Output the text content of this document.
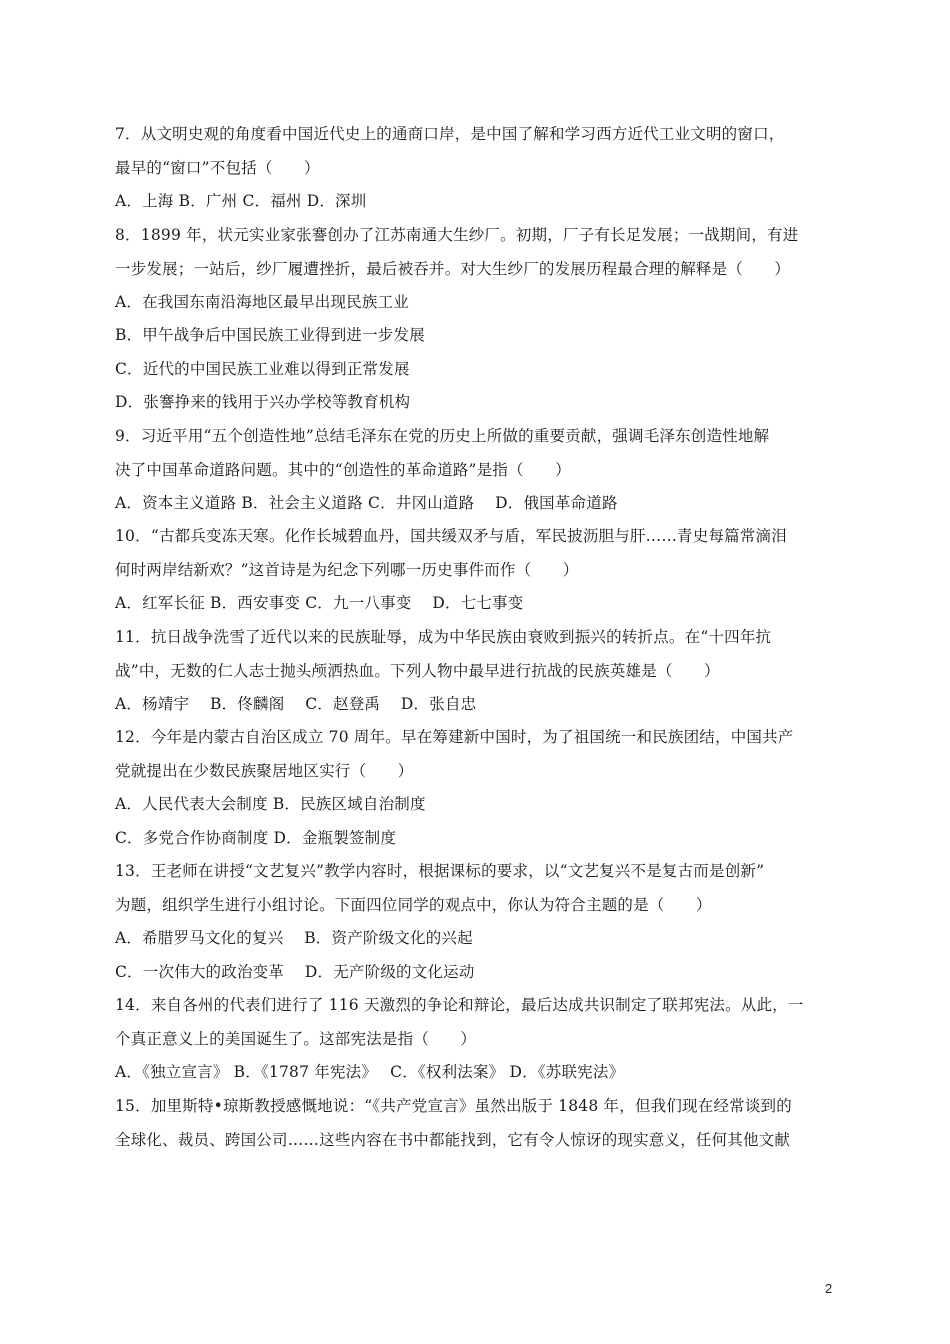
7．从文明史观的角度看中国近代史上的通商口岸，是中国了解和学习西方近代工业文明的窗口，
最早的“窗口”不包括（　　）
A．上海 B．广州 C．福州 D．深圳
8．1899 年，状元实业家张謇创办了江苏南通大生纱厂。初期，厂子有长足发展；一战期间，有进
一步发展；一站后，纱厂履遭挫折，最后被吞并。对大生纱厂的发展历程最合理的解释是（　　）
A．在我国东南沿海地区最早出现民族工业
B．甲午战争后中国民族工业得到进一步发展
C．近代的中国民族工业难以得到正常发展
D．张謇挣来的钱用于兴办学校等教育机构
9．习近平用“五个创造性地”总结毛泽东在党的历史上所做的重要贡献，强调毛泽东创造性地解
决了中国革命道路问题。其中的“创造性的革命道路”是指（　　）
A．资本主义道路 B．社会主义道路 C．井冈山道路　 D．俄国革命道路
10．“古都兵变冻天寒。化作长城碧血丹，国共缓双矛与盾，军民披沥胆与肝……青史每篇常滴泪
何时两岸结新欢？”这首诗是为纪念下列哪一历史事件而作（　　）
A．红军长征 B．西安事变 C．九一八事变　 D．七七事变
11．抗日战争洗雪了近代以来的民族耻辱，成为中华民族由衰败到振兴的转折点。在“十四年抗
战”中，无数的仁人志士抛头颅洒热血。下列人物中最早进行抗战的民族英雄是（　　）
A．杨靖宇　 B．佟麟阁　 C．赵登禹　 D．张自忠
12．今年是内蒙古自治区成立 70 周年。早在筹建新中国时，为了祖国统一和民族团结，中国共产
党就提出在少数民族聚居地区实行（　　）
A．人民代表大会制度 B．民族区域自治制度
C．多党合作协商制度 D．金瓶製签制度
13．王老师在讲授“文艺复兴”教学内容时，根据课标的要求，以“文艺复兴不是复古而是创新”
为题，组织学生进行小组讨论。下面四位同学的观点中，你认为符合主题的是（　　）
A．希腊罗马文化的复兴　 B．资产阶级文化的兴起
C．一次伟大的政治变革　 D．无产阶级的文化运动
14．来自各州的代表们进行了 116 天激烈的争论和辩论，最后达成共识制定了联邦宪法。从此，一
个真正意义上的美国诞生了。这部宪法是指（　　）
A．《独立宣言》 B．《1787 年宪法》　 C．《权利法案》 D．《苏联宪法》
15．加里斯特•琼斯教授感慨地说：“《共产党宣言》虽然出版于 1848 年，但我们现在经常谈到的
全球化、裁员、跨国公司……这些内容在书中都能找到，它有令人惊讶的现实意义，任何其他文献
2
